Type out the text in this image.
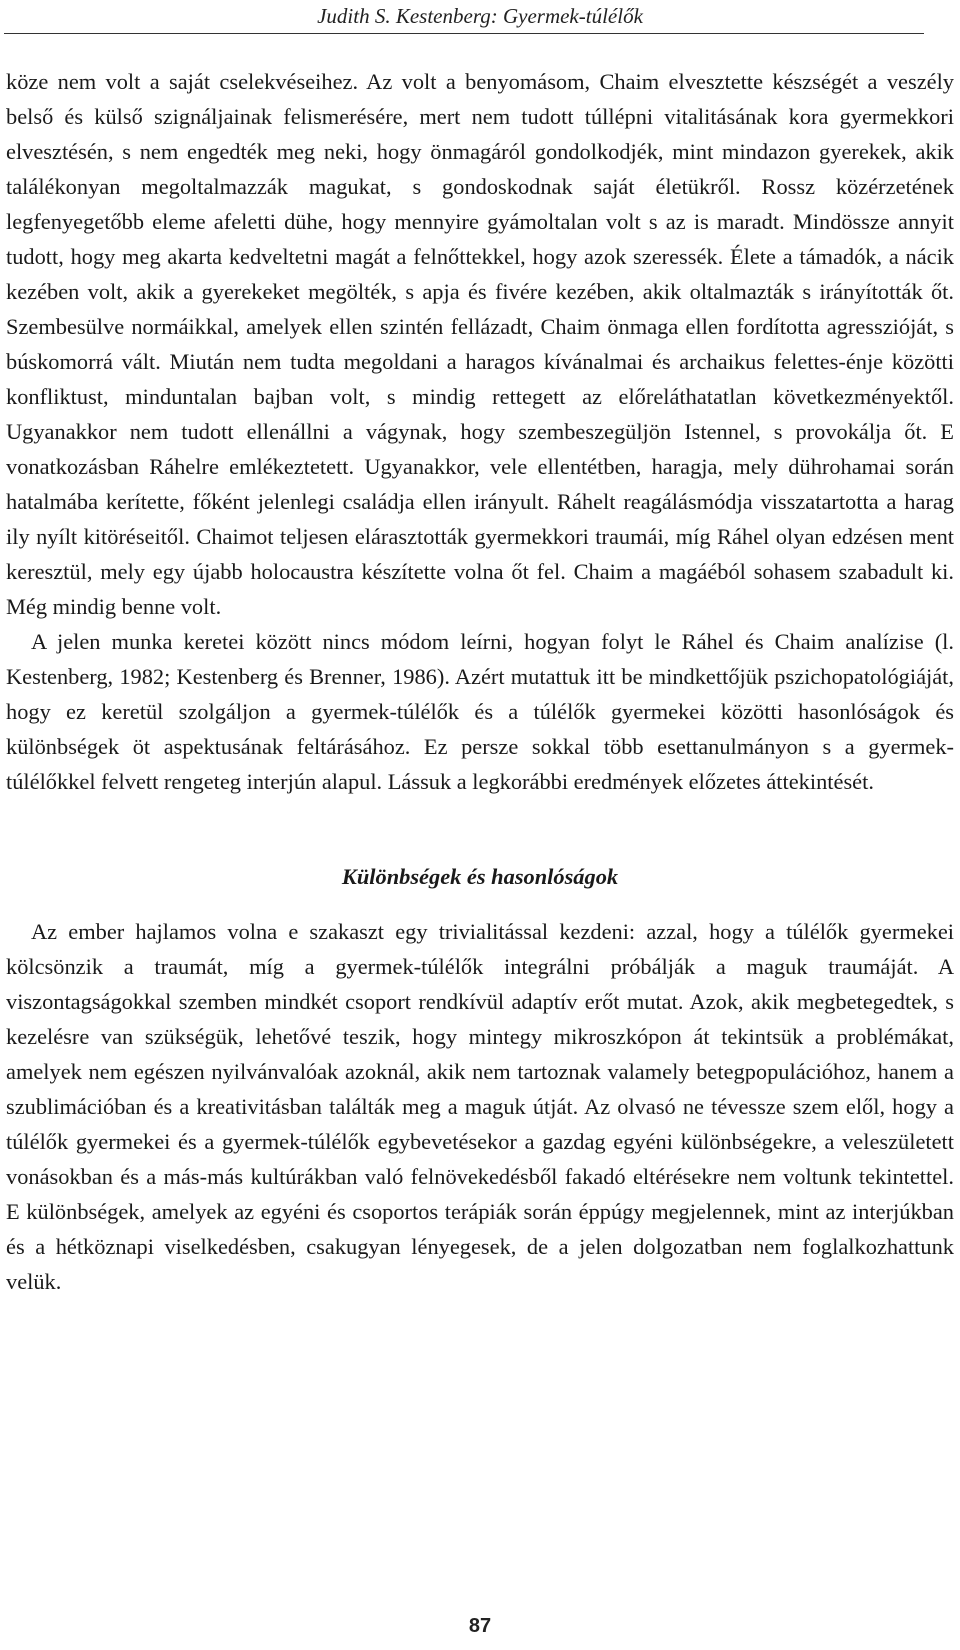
Judith S. Kestenberg: Gyermek-túlélők

köze nem volt a saját cselekvéseihez. Az volt a benyomásom, Chaim elvesztette készségét a veszély belső és külső szignáljainak felismerésére, mert nem tudott túllépni vitalitásának kora gyermekkori elvesztésén, s nem engedték meg neki, hogy önmagáról gondolkodjék, mint mindazon gyerekek, akik találékonyan megoltalmazzák magukat, s gondoskodnak saját életükről. Rossz közérzetének legfenyegetőbb eleme afeletti dühe, hogy mennyire gyámoltalan volt s az is maradt. Mindössze annyit tudott, hogy meg akarta kedveltetni magát a felnőttekkel, hogy azok szeressék. Élete a támadók, a nácik kezében volt, akik a gyerekeket megölték, s apja és fivére kezében, akik oltalmazták s irányították őt. Szembesülve normáikkal, amelyek ellen szintén fellázadt, Chaim önmaga ellen fordította agresszióját, s búskomorrá vált. Miután nem tudta megoldani a haragos kívánalmai és archaikus felettes-énje közötti konfliktust, minduntalan bajban volt, s mindig rettegett az előreláthatatlan következményektől. Ugyanakkor nem tudott ellenállni a vágynak, hogy szembeszegüljön Istennel, s provokálja őt. E vonatkozásban Ráhelre emlékeztetett. Ugyanakkor, vele ellentétben, haragja, mely dührohamai során hatalmába kerítette, főként jelenlegi családja ellen irányult. Ráhelt reagálásmódja visszatartotta a harag ily nyílt kitöréseitől. Chaimot teljesen elárasztották gyermekkori traumái, míg Ráhel olyan edzésen ment keresztül, mely egy újabb holocaustra készítette volna őt fel. Chaim a magáéból sohasem szabadult ki. Még mindig benne volt.

A jelen munka keretei között nincs módom leírni, hogyan folyt le Ráhel és Chaim analízise (l. Kestenberg, 1982; Kestenberg és Brenner, 1986). Azért mutattuk itt be mindkettőjük pszichopatológiáját, hogy ez keretül szolgáljon a gyermek-túlélők és a túlélők gyermekei közötti hasonlóságok és különbségek öt aspektusának feltárásához. Ez persze sokkal több esettanulmányon s a gyermek-túlélőkkel felvett rengeteg interjún alapul. Lássuk a legkorábbi eredmények előzetes áttekintését.

Különbségek és hasonlóságok

Az ember hajlamos volna e szakaszt egy trivialitással kezdeni: azzal, hogy a túlélők gyermekei kölcsönzik a traumát, míg a gyermek-túlélők integrálni próbálják a maguk traumáját. A viszontagságokkal szemben mindkét csoport rendkívül adaptív erőt mutat. Azok, akik megbetegedtek, s kezelésre van szükségük, lehetővé teszik, hogy mintegy mikroszkópon át tekintsük a problémákat, amelyek nem egészen nyilvánvalóak azoknál, akik nem tartoznak valamely betegpopulációhoz, hanem a szublimációban és a kreativitásban találták meg a maguk útját. Az olvasó ne tévessze szem elől, hogy a túlélők gyermekei és a gyermek-túlélők egybevetésekor a gazdag egyéni különbségekre, a veleszületett vonásokban és a más-más kultúrákban való felnövekedésből fakadó eltérésekre nem voltunk tekintettel. E különbségek, amelyek az egyéni és csoportos terápiák során éppúgy megjelennek, mint az interjúkban és a hétköznapi viselkedésben, csakugyan lényegesek, de a jelen dolgozatban nem foglalkozhattunk velük.

87
